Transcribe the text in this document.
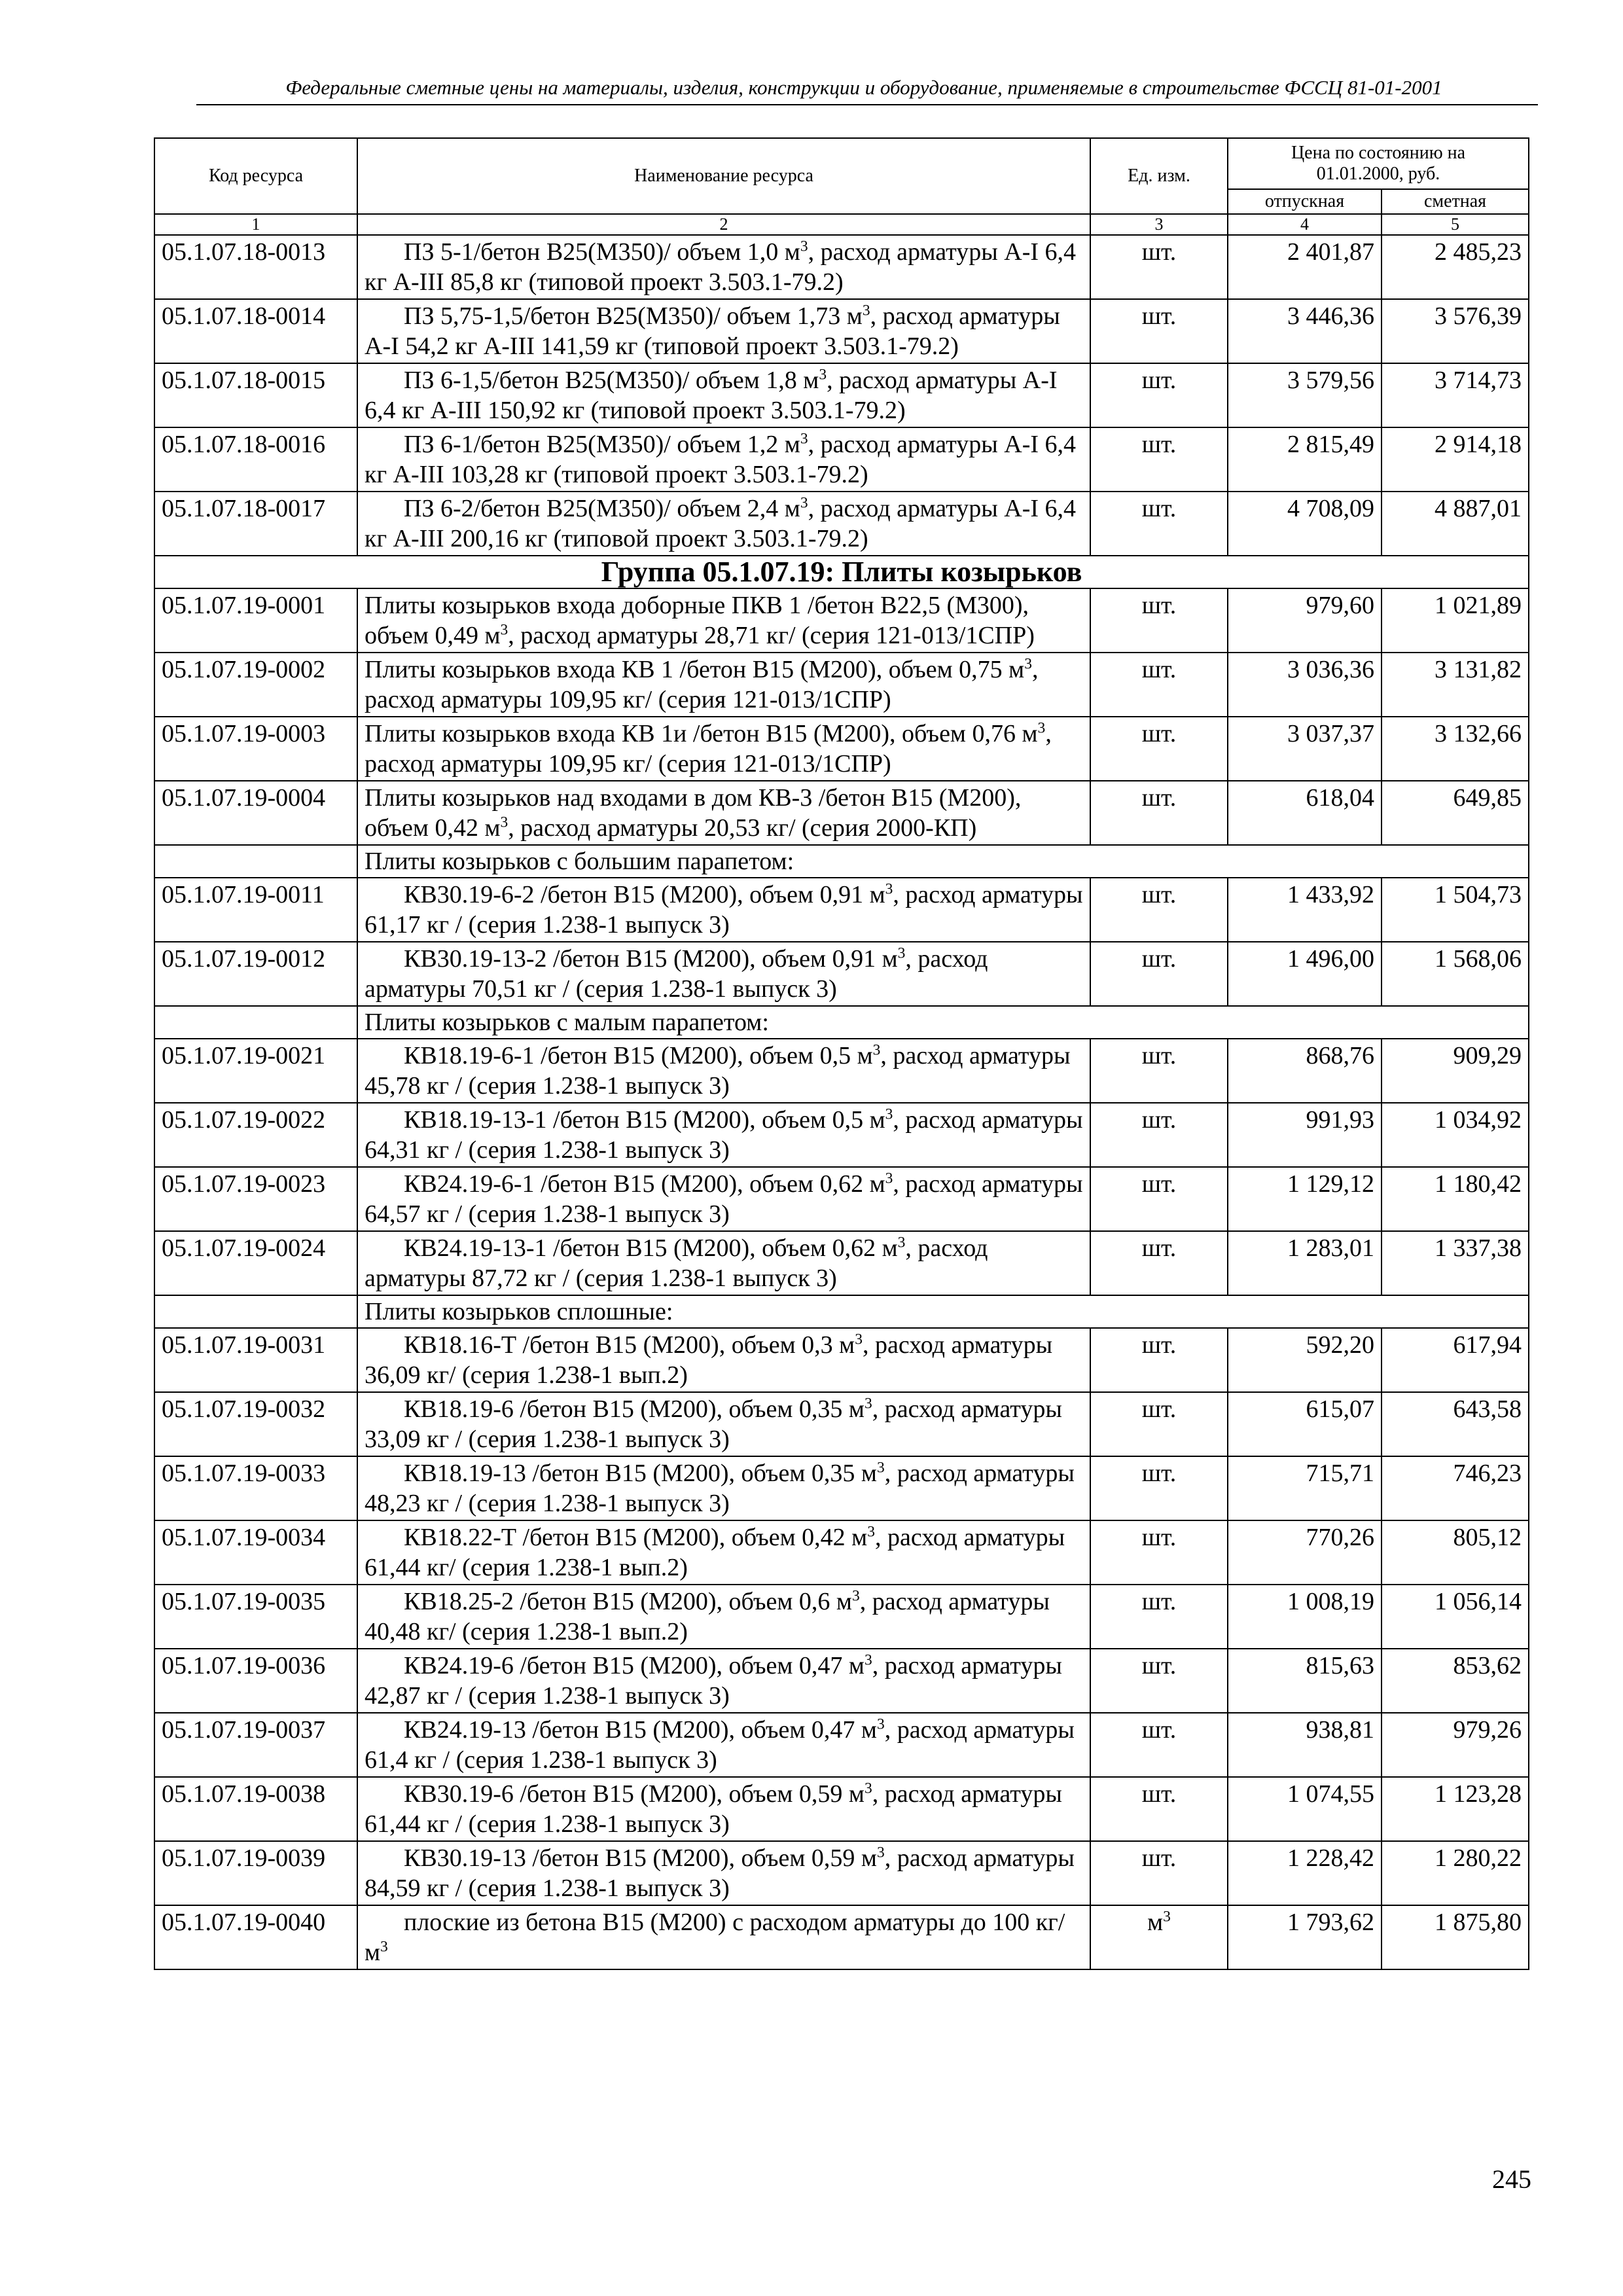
Федеральные сметные цены на материалы, изделия, конструкции и оборудование, применяемые в строительстве ФССЦ 81-01-2001
Код ресурса	Наименование ресурса	Ед. изм.	Цена по состоянию на 01.01.2000, руб.	
			отпускная	сметная
1	2	3	4	5
05.1.07.18-0013	ПЗ 5-1/бетон В25(М350)/ объем 1,0 $м^3$, расход арматуры А-I 6,4 кг А-III 85,8 кг (типовой проект 3.503.1-79.2)	шт.	2 401,87	2 485,23
05.1.07.18-0014	ПЗ 5,75-1,5/бетон В25(М350)/ объем 1,73 $м^3$, расход арматуры А-I 54,2 кг А-III 141,59 кг (типовой проект 3.503.1-79.2)	шт.	3 446,36	3 576,39
05.1.07.18-0015	ПЗ 6-1,5/бетон В25(М350)/ объем 1,8 $м^3$, расход арматуры А-I 6,4 кг А-III 150,92 кг (типовой проект 3.503.1-79.2)	шт.	3 579,56	3 714,73
05.1.07.18-0016	ПЗ 6-1/бетон В25(М350)/ объем 1,2 $м^3$, расход арматуры А-I 6,4 кг А-III 103,28 кг (типовой проект 3.503.1-79.2)	шт.	2 815,49	2 914,18
05.1.07.18-0017	ПЗ 6-2/бетон В25(М350)/ объем 2,4 $м^3$, расход арматуры А-I 6,4 кг А-III 200,16 кг (типовой проект 3.503.1-79.2)	шт.	4 708,09	4 887,01
Группа 05.1.07.19: Плиты козырьков				
05.1.07.19-0001	Плиты козырьков входа доборные ПКВ 1 /бетон В22,5 (М300), объем 0,49 $м^3$, расход арматуры 28,71 кг/ (серия 121-013/1СПР)	шт.	979,60	1 021,89
05.1.07.19-0002	Плиты козырьков входа КВ 1 /бетон В15 (М200), объем 0,75 $м^3$, расход арматуры 109,95 кг/ (серия 121-013/1СПР)	шт.	3 036,36	3 131,82
05.1.07.19-0003	Плиты козырьков входа КВ 1и /бетон В15 (М200), объем 0,76 $м^3$, расход арматуры 109,95 кг/ (серия 121-013/1СПР)	шт.	3 037,37	3 132,66
05.1.07.19-0004	Плиты козырьков над входами в дом КВ-3 /бетон В15 (М200), объем 0,42 $м^3$, расход арматуры 20,53 кг/ (серия 2000-КП)	шт.	618,04	649,85
	Плиты козырьков с большим парапетом:			
05.1.07.19-0011	КВ30.19-6-2 /бетон В15 (М200), объем 0,91 $м^3$, расход арматуры 61,17 кг / (серия 1.238-1 выпуск 3)	шт.	1 433,92	1 504,73
05.1.07.19-0012	КВ30.19-13-2 /бетон В15 (М200), объем 0,91 $м^3$, расход арматуры 70,51 кг / (серия 1.238-1 выпуск 3)	шт.	1 496,00	1 568,06
	Плиты козырьков с малым парапетом:			
05.1.07.19-0021	КВ18.19-6-1 /бетон В15 (М200), объем 0,5 $м^3$, расход арматуры 45,78 кг / (серия 1.238-1 выпуск 3)	шт.	868,76	909,29
05.1.07.19-0022	КВ18.19-13-1 /бетон В15 (М200), объем 0,5 $м^3$, расход арматуры 64,31 кг / (серия 1.238-1 выпуск 3)	шт.	991,93	1 034,92
05.1.07.19-0023	КВ24.19-6-1 /бетон В15 (М200), объем 0,62 $м^3$, расход арматуры 64,57 кг / (серия 1.238-1 выпуск 3)	шт.	1 129,12	1 180,42
05.1.07.19-0024	КВ24.19-13-1 /бетон В15 (М200), объем 0,62 $м^3$, расход арматуры 87,72 кг / (серия 1.238-1 выпуск 3)	шт.	1 283,01	1 337,38
	Плиты козырьков сплошные:			
05.1.07.19-0031	КВ18.16-Т /бетон В15 (М200), объем 0,3 $м^3$, расход арматуры 36,09 кг/ (серия 1.238-1 вып.2)	шт.	592,20	617,94
05.1.07.19-0032	КВ18.19-6 /бетон В15 (М200), объем 0,35 $м^3$, расход арматуры 33,09 кг / (серия 1.238-1 выпуск 3)	шт.	615,07	643,58
05.1.07.19-0033	КВ18.19-13 /бетон В15 (М200), объем 0,35 $м^3$, расход арматуры 48,23 кг / (серия 1.238-1 выпуск 3)	шт.	715,71	746,23
05.1.07.19-0034	КВ18.22-Т /бетон В15 (М200), объем 0,42 $м^3$, расход арматуры 61,44 кг/ (серия 1.238-1 вып.2)	шт.	770,26	805,12
05.1.07.19-0035	КВ18.25-2 /бетон В15 (М200), объем 0,6 $м^3$, расход арматуры 40,48 кг/ (серия 1.238-1 вып.2)	шт.	1 008,19	1 056,14
05.1.07.19-0036	КВ24.19-6 /бетон В15 (М200), объем 0,47 $м^3$, расход арматуры 42,87 кг / (серия 1.238-1 выпуск 3)	шт.	815,63	853,62
05.1.07.19-0037	КВ24.19-13 /бетон В15 (М200), объем 0,47 $м^3$, расход арматуры 61,4 кг / (серия 1.238-1 выпуск 3)	шт.	938,81	979,26
05.1.07.19-0038	КВ30.19-6 /бетон В15 (М200), объем 0,59 $м^3$, расход арматуры 61,44 кг / (серия 1.238-1 выпуск 3)	шт.	1 074,55	1 123,28
05.1.07.19-0039	КВ30.19-13 /бетон В15 (М200), объем 0,59 $м^3$, расход арматуры 84,59 кг / (серия 1.238-1 выпуск 3)	шт.	1 228,42	1 280,22
05.1.07.19-0040	плоские из бетона В15 (М200) с расходом арматуры до 100 $кг/м^3$	$м^3$	1 793,62	1 875,80
245
